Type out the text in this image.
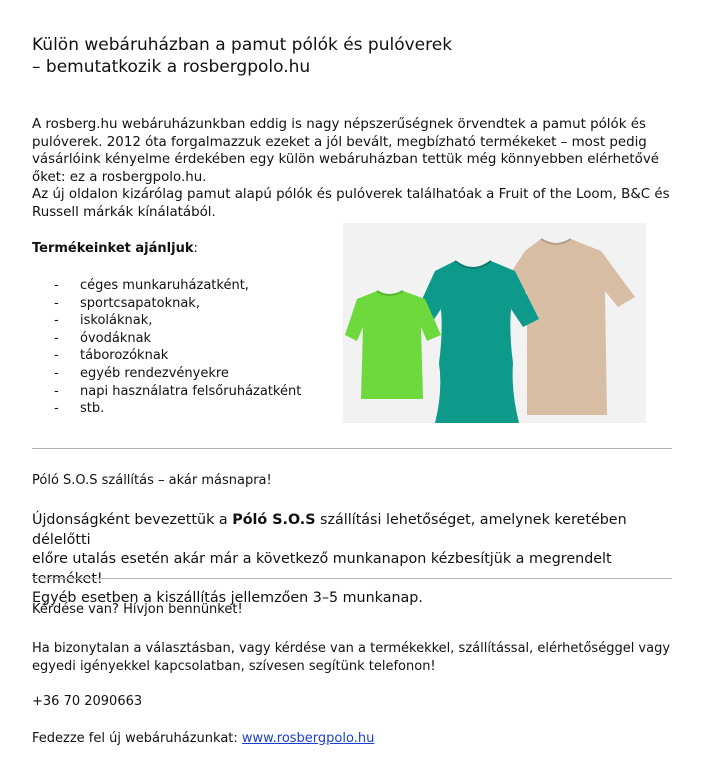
Külön webáruházban a pamut pólók és pulóverek
– bemutatkozik a rosbergpolo.hu
A rosberg.hu webáruházunkban eddig is nagy népszerűségnek örvendtek a pamut pólók és
pulóverek. 2012 óta forgalmazzuk ezeket a jól bevált, megbízható termékeket – most pedig
vásárlóink kényelme érdekében egy külön webáruházban tettük még könnyebben elérhetővé
őket: ez a rosbergpolo.hu.
Az új oldalon kizárólag pamut alapú pólók és pulóverek találhatóak a Fruit of the Loom, B&C és
Russell márkák kínálatából.
Termékeinket ajánljuk:
-	céges munkaruházatként,
-	sportcsapatoknak,
-	iskoláknak,
-	óvodáknak
-	táborozóknak
-	egyéb rendezvényekre
-	napi használatra felsőruházatként
-	stb.
Póló S.O.S szállítás – akár másnapra!
Újdonságként bevezettük a Póló S.O.S szállítási lehetőséget, amelynek keretében délelőtti
előre utalás esetén akár már a következő munkanapon kézbesítjük a megrendelt terméket!
Egyéb esetben a kiszállítás jellemzően 3–5 munkanap.
Kérdése van? Hívjon bennünket!
Ha bizonytalan a választásban, vagy kérdése van a termékekkel, szállítással, elérhetőséggel vagy
egyedi igényekkel kapcsolatban, szívesen segítünk telefonon!
+36 70 2090663
Fedezze fel új webáruházunkat: www.rosbergpolo.hu
